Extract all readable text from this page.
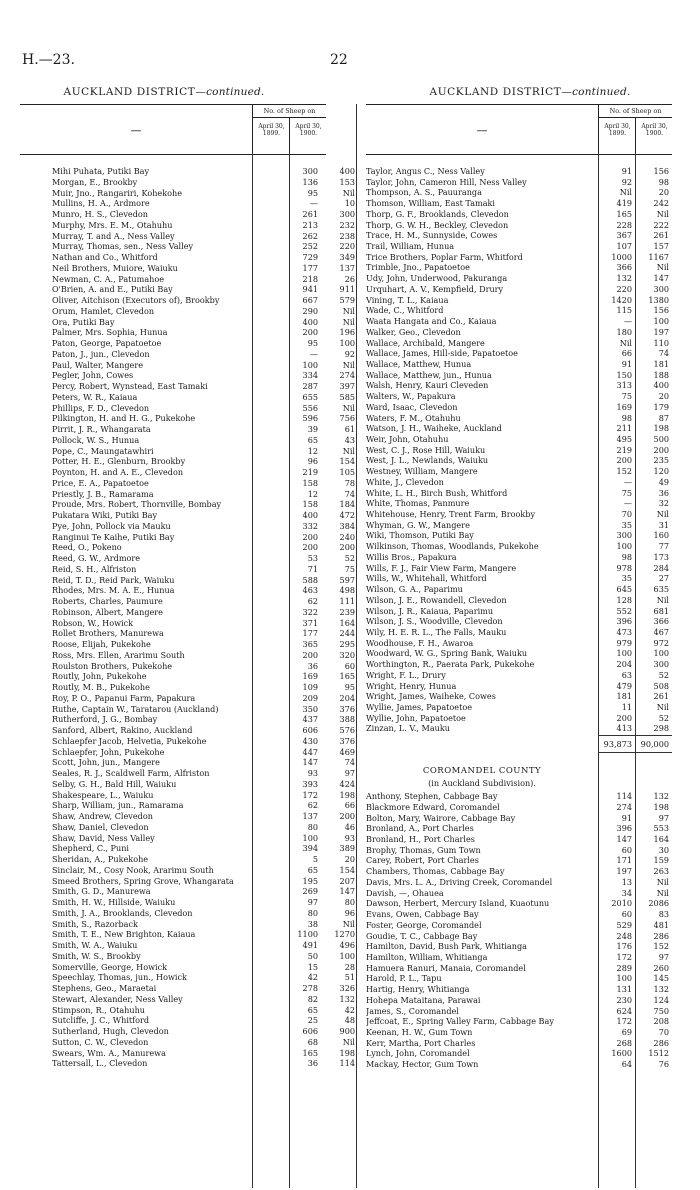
H.—23.	22
AUCKLAND DISTRICT—continued.	AUCKLAND DISTRICT—continued.
—
No. of Sheep on
April 30, 1899.
April 30, 1900.	—
No. of Sheep on
April 30, 1899.
April 30, 1900.
Mihi Puhata, Putiki Bay	300	400
Morgan, E., Brookby	136	153
Muir, Jno., Rangariri, Kohekohe	95	Nil
Mullins, H. A., Ardmore	—	10
Munro, H. S., Clevedon	261	300
Murphy, Mrs. E. M., Otahuhu	213	232
Murray, T. and A., Ness Valley	262	238
Murray, Thomas, sen., Ness Valley	252	220
Nathan and Co., Whitford	729	349
Neil Brothers, Muiore, Waiuku	177	137
Newman, C. A., Patumahoe	218	26
O'Brien, A. and E., Putiki Bay	941	911
Oliver, Aitchison (Executors of), Brookby	667	579
Orum, Hamlet, Clevedon	290	Nil
Ora, Putiki Bay	400	Nil
Palmer, Mrs. Sophia, Hunua	200	196
Paton, George, Papatoetoe	95	100
Paton, J., jun., Clevedon	—	92
Paul, Walter, Mangere	100	Nil
Pegler, John, Cowes	334	274
Percy, Robert, Wynstead, East Tamaki	287	397
Peters, W. R., Kaiaua	655	585
Phillips, F. D., Clevedon	556	Nil
Pilkington, H. and H. G., Pukekohe	596	756
Pirrit, J. R., Whangarata	39	61
Pollock, W. S., Hunua	65	43
Pope, C., Maungatawhiri	12	Nil
Potter, H. E., Glenburn, Brookby	96	154
Poynton, H. and A. E., Clevedon	219	105
Price, E. A., Papatoetoe	158	78
Priestly, J. B., Ramarama	12	74
Proude, Mrs. Robert, Thornville, Bombay	158	184
Pukatara Wiki, Putiki Bay	400	472
Pye, John, Pollock via Mauku	332	384
Ranginui Te Kaihe, Putiki Bay	200	240
Reed, O., Pokeno	200	200
Reed, G. W., Ardmore	53	52
Reid, S. H., Alfriston	71	75
Reid, T. D., Reid Park, Waiuku	588	597
Rhodes, Mrs. M. A. E., Hunua	463	498
Roberts, Charles, Paumure	62	111
Robinson, Albert, Mangere	322	239
Robson, W., Howick	371	164
Rollet Brothers, Manurewa	177	244
Roose, Elijah, Pukekohe	365	295
Ross, Mrs. Ellen, Ararimu South	200	320
Roulston Brothers, Pukekohe	36	60
Routly, John, Pukekohe	169	165
Routly, M. B., Pukekohe	109	95
Roy, P. O., Papanui Farm, Papakura	209	204
Ruthe, Captain W., Taratarou (Auckland)	350	376
Rutherford, J. G., Bombay	437	388
Sanford, Albert, Rakino, Auckland	606	576
Schlaepfer Jacob, Helvetia, Pukekohe	430	376
Schlaepfer, John, Pukekohe	447	469
Scott, John, jun., Mangere	147	74
Seales, R. J., Scaldwell Farm, Alfriston	93	97
Selby, G. H., Bald Hill, Waiuku	393	424
Shakespeare, L., Waiuku	172	198
Sharp, William, jun., Ramarama	62	66
Shaw, Andrew, Clevedon	137	200
Shaw, Daniel, Clevedon	80	46
Shaw, David, Ness Valley	100	93
Shepherd, C., Puni	394	389
Sheridan, A., Pukekohe	5	20
Sinclair, M., Cosy Nook, Ararimu South	65	154
Smeed Brothers, Spring Grove, Whangarata	195	207
Smith, G. D., Manurewa	269	147
Smith, H. W., Hillside, Waiuku	97	80
Smith, J. A., Brooklands, Clevedon	80	96
Smith, S., Razorback	38	Nil
Smith, T. E., New Brighton, Kaiaua	1100	1270
Smith, W. A., Waiuku	491	496
Smith, W. S., Brookby	50	100
Somerville, George, Howick	15	28
Speechlay, Thomas, jun., Howick	42	51
Stephens, Geo., Maraetai	278	326
Stewart, Alexander, Ness Valley	82	132
Stimpson, R., Otahuhu	65	42
Sutcliffe, J. C., Whitford	25	48
Sutherland, Hugh, Clevedon	606	900
Sutton, C. W., Clevedon	68	Nil
Swears, Wm. A., Manurewa	165	198
Tattersall, L., Clevedon	36	114
Taylor, Angus C., Ness Valley	91	156
Taylor, John, Cameron Hill, Ness Valley	92	98
Thompson, A. S., Pauuranga	Nil	20
Thomson, William, East Tamaki	419	242
Thorp, G. F., Brooklands, Clevedon	165	Nil
Thorp, G. W. H., Beckley, Clevedon	228	222
Trace, H. M., Sunnyside, Cowes	367	261
Trail, William, Hunua	107	157
Trice Brothers, Poplar Farm, Whitford	1000	1167
Trimble, Jno., Papatoetoe	366	Nil
Udy, John, Underwood, Pakuranga	132	147
Urquhart, A. V., Kempfield, Drury	220	300
Vining, T. L., Kaiaua	1420	1380
Wade, C., Whitford	115	156
Waata Hangata and Co., Kaiaua	—	100
Walker, Geo., Clevedon	180	197
Wallace, Archibald, Mangere	Nil	110
Wallace, James, Hill-side, Papatoetoe	66	74
Wallace, Matthew, Hunua	91	181
Wallace, Matthew, jun., Hunua	150	188
Walsh, Henry, Kauri Cleveden	313	400
Walters, W., Papakura	75	20
Ward, Isaac, Clevedon	169	179
Waters, F. M., Otahuhu	98	87
Watson, J. H., Waiheke, Auckland	211	198
Weir, John, Otahuhu	495	500
West, C. J., Rose Hill, Waiuku	219	200
West, J. L., Newlands, Waiuku	200	235
Westney, William, Mangere	152	120
White, J., Clevedon	—	49
White, L. H., Birch Bush, Whitford	75	36
White, Thomas, Panmure	—	32
Whitehouse, Henry, Trent Farm, Brookby	70	Nil
Whyman, G. W., Mangere	35	31
Wiki, Thomson, Putiki Bay	300	160
Wilkinson, Thomas, Woodlands, Pukekohe	100	77
Willis Bros., Papakura	98	173
Wills, F. J., Fair View Farm, Mangere	978	284
Wills, W., Whitehall, Whitford	35	27
Wilson, G. A., Paparimu	645	635
Wilson, J. E., Rowandell, Clevedon	128	Nil
Wilson, J. R., Kaiaua, Paparimu	552	681
Wilson, J. S., Woodville, Clevedon	396	366
Wily, H. E. R. L., The Falls, Mauku	473	467
Woodhouse, F. H., Awaroa	979	972
Woodward, W. G., Spring Bank, Waiuku	100	100
Worthington, R., Paerata Park, Pukekohe	204	300
Wright, F. L., Drury	63	52
Wright, Henry, Hunua	479	508
Wright, James, Waiheke, Cowes	181	261
Wyllie, James, Papatoetoe	11	Nil
Wyllie, John, Papatoetoe	200	52
Zinzan, L. V., Mauku	413	298
93,873	90,000
COROMANDEL COUNTY
(in Auckland Subdivision).
Anthony, Stephen, Cabbage Bay	114	132
Blackmore Edward, Coromandel	274	198
Bolton, Mary, Wairore, Cabbage Bay	91	97
Bronland, A., Port Charles	396	553
Bronland, H., Port Charles	147	164
Brophy, Thomas, Gum Town	60	30
Carey, Robert, Port Charles	171	159
Chambers, Thomas, Cabbage Bay	197	263
Davis, Mrs. L. A., Driving Creek, Coromandel	13	Nil
Davish, —, Ohauea	34	Nil
Dawson, Herbert, Mercury Island, Kuaotunu	2010	2086
Evans, Owen, Cabbage Bay	60	83
Foster, George, Coromandel	529	481
Goudie, T. C., Cabbage Bay	248	286
Hamilton, David, Bush Park, Whitianga	176	152
Hamilton, William, Whitianga	172	97
Hamuera Ranuri, Manaia, Coromandel	289	260
Harold, P. L., Tapu	100	145
Hartig, Henry, Whitianga	131	132
Hohepa Mataitana, Parawai	230	124
James, S., Coromandel	624	750
Jeffcoat, E., Spring Valley Farm, Cabbage Bay	172	208
Keenan, H. W., Gum Town	69	70
Kerr, Martha, Port Charles	268	286
Lynch, John, Coromandel	1600	1512
Mackay, Hector, Gum Town	64	76
